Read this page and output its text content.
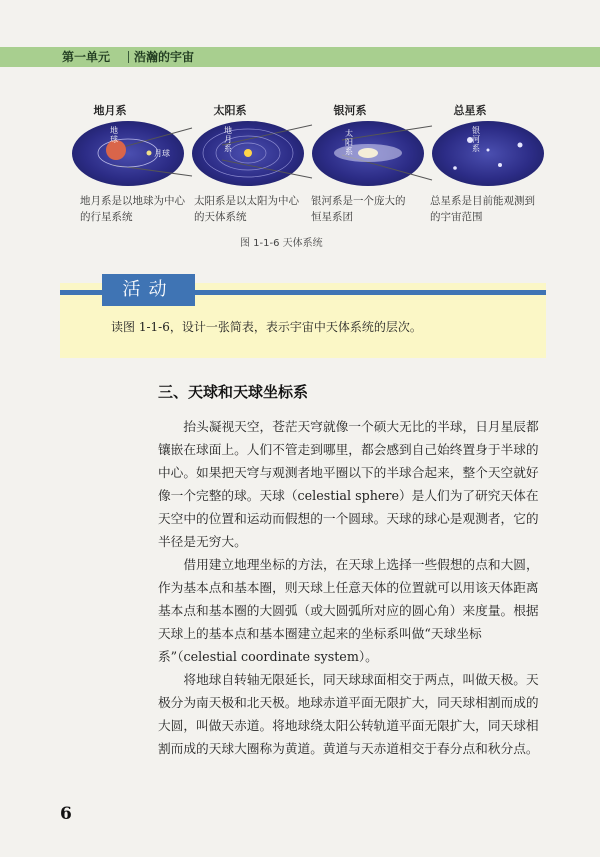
第一单元 浩瀚的宇宙
地月系	太阳系	银河系	总星系
地
球
月球
地
月
系
太
阳
系
银
河
系
地月系是以地球为中心的行星系统
太阳系是以太阳为中心的天体系统
银河系是一个庞大的恒星系团
总星系是目前能观测到的宇宙范围
图 1-1-6 天体系统
活动
读图 1-1-6，设计一张简表，表示宇宙中天体系统的层次。
三、天球和天球坐标系

抬头凝视天空，苍茫天穹就像一个硕大无比的半球，日月星辰都镶嵌在球面上。人们不管走到哪里，都会感到自己始终置身于半球的中心。如果把天穹与观测者地平圈以下的半球合起来，整个天空就好像一个完整的球。天球（celestial sphere）是人们为了研究天体在天空中的位置和运动而假想的一个圆球。天球的球心是观测者，它的半径是无穷大。

借用建立地理坐标的方法，在天球上选择一些假想的点和大圆，作为基本点和基本圈，则天球上任意天体的位置就可以用该天体距离基本点和基本圈的大圆弧（或大圆弧所对应的圆心角）来度量。根据天球上的基本点和基本圈建立起来的坐标系叫做“天球坐标系”（celestial coordinate system）。

将地球自转轴无限延长，同天球球面相交于两点，叫做天极。天极分为南天极和北天极。地球赤道平面无限扩大，同天球相割而成的大圆，叫做天赤道。将地球绕太阳公转轨道平面无限扩大，同天球相割而成的天球大圈称为黄道。黄道与天赤道相交于春分点和秋分点。

6
